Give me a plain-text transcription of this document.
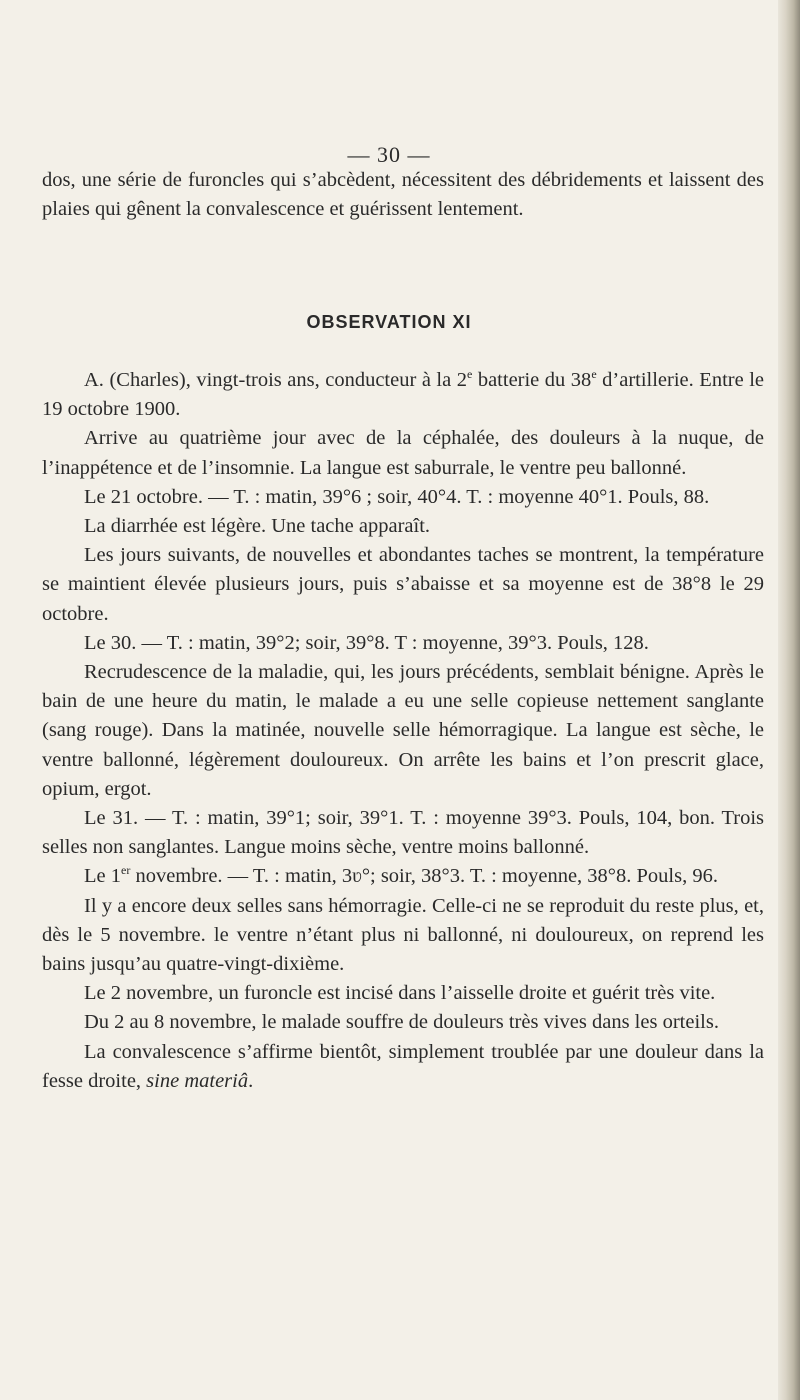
— 30 —

dos, une série de furoncles qui s’abcèdent, nécessitent des débridements et laissent des plaies qui gênent la convalescence et guérissent lentement.

OBSERVATION XI

A. (Charles), vingt-trois ans, conducteur à la 2e batterie du 38e d’artillerie. Entre le 19 octobre 1900.

Arrive au quatrième jour avec de la céphalée, des douleurs à la nuque, de l’inappétence et de l’insomnie. La langue est saburrale, le ventre peu ballonné.

Le 21 octobre. — T. : matin, 39°6 ; soir, 40°4. T. : moyenne 40°1. Pouls, 88.

La diarrhée est légère. Une tache apparaît.

Les jours suivants, de nouvelles et abondantes taches se montrent, la température se maintient élevée plusieurs jours, puis s’abaisse et sa moyenne est de 38°8 le 29 octobre.

Le 30. — T. : matin, 39°2; soir, 39°8. T : moyenne, 39°3. Pouls, 128.

Recrudescence de la maladie, qui, les jours précédents, semblait bénigne. Après le bain de une heure du matin, le malade a eu une selle copieuse nettement sanglante (sang rouge). Dans la matinée, nouvelle selle hémorragique. La langue est sèche, le ventre ballonné, légèrement douloureux. On arrête les bains et l’on prescrit glace, opium, ergot.

Le 31. — T. : matin, 39°1; soir, 39°1. T. : moyenne 39°3. Pouls, 104, bon. Trois selles non sanglantes. Langue moins sèche, ventre moins ballonné.

Le 1er novembre. — T. : matin, 3ʋ°; soir, 38°3. T. : moyenne, 38°8. Pouls, 96.

Il y a encore deux selles sans hémorragie. Celle-ci ne se reproduit du reste plus, et, dès le 5 novembre. le ventre n’étant plus ni ballonné, ni douloureux, on reprend les bains jusqu’au quatre-vingt-dixième.

Le 2 novembre, un furoncle est incisé dans l’aisselle droite et guérit très vite.

Du 2 au 8 novembre, le malade souffre de douleurs très vives dans les orteils.

La convalescence s’affirme bientôt, simplement troublée par une douleur dans la fesse droite, sine materiâ.
